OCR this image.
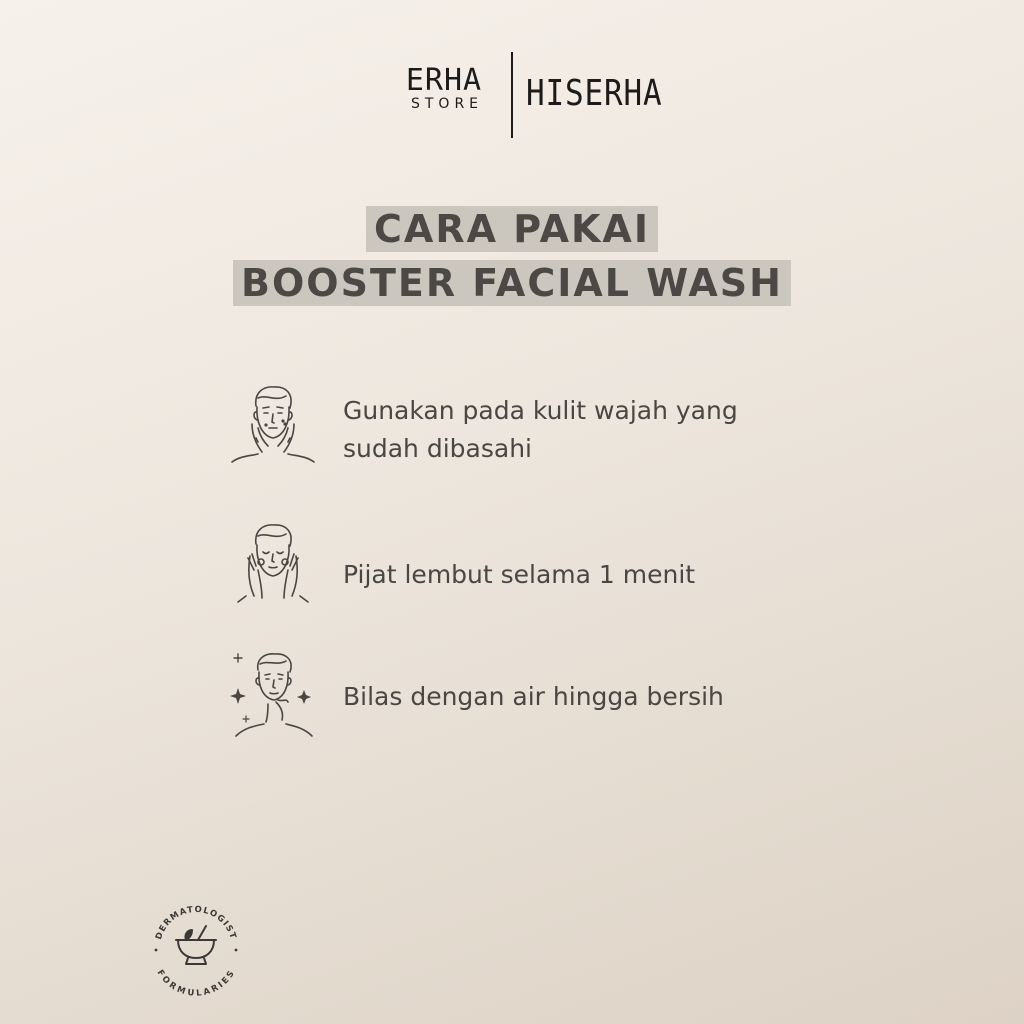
ERHA
STORE	HISERHA
CARA PAKAI
BOOSTER FACIAL WASH
Gunakan pada kulit wajah yang
sudah dibasahi
Pijat lembut selama 1 menit
Bilas dengan air hingga bersih
DERMATOLOGIST
FORMULARIES
